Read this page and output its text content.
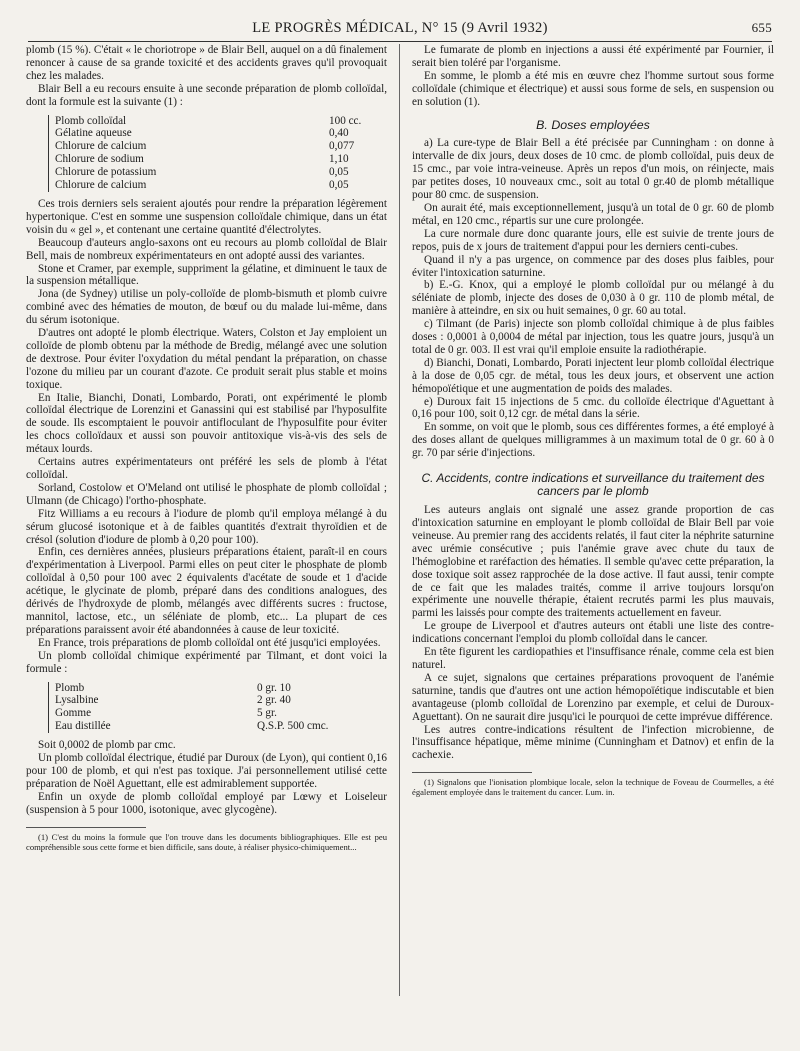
LE PROGRÈS MÉDICAL, N° 15 (9 Avril 1932)	655

plomb (15 %). C'était « le choriotrope » de Blair Bell, auquel on a dû finalement renoncer à cause de sa grande toxicité et des accidents graves qu'il provoquait chez les malades.

Blair Bell a eu recours ensuite à une seconde préparation de plomb colloïdal, dont la formule est la suivante (1) :

Plomb colloïdal	100 cc.
Gélatine aqueuse	0,40
Chlorure de calcium	0,077
Chlorure de sodium	1,10
Chlorure de potassium	0,05
Chlorure de calcium	0,05

Ces trois derniers sels seraient ajoutés pour rendre la préparation légèrement hypertonique. C'est en somme une suspension colloïdale chimique, dans un état voisin du « gel », et contenant une certaine quantité d'électrolytes.

Beaucoup d'auteurs anglo-saxons ont eu recours au plomb colloïdal de Blair Bell, mais de nombreux expérimentateurs en ont adopté aussi des variantes.

Stone et Cramer, par exemple, suppriment la gélatine, et diminuent le taux de la suspension métallique.

Jona (de Sydney) utilise un poly-colloïde de plomb-bismuth et plomb cuivre combiné avec des hématies de mouton, de bœuf ou du malade lui-même, dans du sérum isotonique.

D'autres ont adopté le plomb électrique. Waters, Colston et Jay emploient un colloïde de plomb obtenu par la méthode de Bredig, mélangé avec une solution de dextrose. Pour éviter l'oxydation du métal pendant la préparation, on chasse l'ozone du milieu par un courant d'azote. Ce produit serait plus stable et moins toxique.

En Italie, Bianchi, Donati, Lombardo, Porati, ont expérimenté le plomb colloïdal électrique de Lorenzini et Ganassini qui est stabilisé par l'hyposulfite de soude. Ils escomptaient le pouvoir antifloculant de l'hyposulfite pour éviter les chocs colloïdaux et aussi son pouvoir antitoxique vis-à-vis des sels de métaux lourds.

Certains autres expérimentateurs ont préféré les sels de plomb à l'état colloïdal.

Sorland, Costolow et O'Meland ont utilisé le phosphate de plomb colloïdal ; Ulmann (de Chicago) l'ortho-phosphate.

Fitz Williams a eu recours à l'iodure de plomb qu'il employa mélangé à du sérum glucosé isotonique et à de faibles quantités d'extrait thyroïdien et de crésol (solution d'iodure de plomb à 0,20 pour 100).

Enfin, ces dernières années, plusieurs préparations étaient, paraît-il en cours d'expérimentation à Liverpool. Parmi elles on peut citer le phosphate de plomb colloïdal à 0,50 pour 100 avec 2 équivalents d'acétate de soude et 1 d'acide acétique, le glycinate de plomb, préparé dans des conditions analogues, des dérivés de l'hydroxyde de plomb, mélangés avec différents sucres : fructose, mannitol, lactose, etc., un séléniate de plomb, etc... La plupart de ces préparations paraissent avoir été abandonnées à cause de leur toxicité.

En France, trois préparations de plomb colloïdal ont été jusqu'ici employées.

Un plomb colloïdal chimique expérimenté par Tilmant, et dont voici la formule :

Plomb	0 gr. 10
Lysalbine	2 gr. 40
Gomme	5 gr.
Eau distillée	Q.S.P. 500 cmc.

Soit 0,0002 de plomb par cmc.

Un plomb colloïdal électrique, étudié par Duroux (de Lyon), qui contient 0,16 pour 100 de plomb, et qui n'est pas toxique. J'ai personnellement utilisé cette préparation de Noël Aguettant, elle est admirablement supportée.

Enfin un oxyde de plomb colloïdal employé par Lœwy et Loiseleur (suspension à 5 pour 1000, isotonique, avec glycogène).

(1) C'est du moins la formule que l'on trouve dans les documents bibliographiques. Elle est peu compréhensible sous cette forme et bien difficile, sans doute, à réaliser physico-chimiquement...

Le fumarate de plomb en injections a aussi été expérimenté par Fournier, il serait bien toléré par l'organisme.

En somme, le plomb a été mis en œuvre chez l'homme surtout sous forme colloïdale (chimique et électrique) et aussi sous forme de sels, en suspension ou en solution (1).

B. Doses employées

a) La cure-type de Blair Bell a été précisée par Cunningham : on donne à intervalle de dix jours, deux doses de 10 cmc. de plomb colloïdal, puis deux de 15 cmc., par voie intra-veineuse. Après un repos d'un mois, on réinjecte, mais par petites doses, 10 nouveaux cmc., soit au total 0 gr.40 de plomb métallique pour 80 cmc. de suspension.

On aurait été, mais exceptionnellement, jusqu'à un total de 0 gr. 60 de plomb métal, en 120 cmc., répartis sur une cure prolongée.

La cure normale dure donc quarante jours, elle est suivie de trente jours de repos, puis de x jours de traitement d'appui pour les derniers centi-cubes.

Quand il n'y a pas urgence, on commence par des doses plus faibles, pour éviter l'intoxication saturnine.

b) E.-G. Knox, qui a employé le plomb colloïdal pur ou mélangé à du séléniate de plomb, injecte des doses de 0,030 à 0 gr. 110 de plomb métal, de manière à atteindre, en six ou huit semaines, 0 gr. 60 au total.

c) Tilmant (de Paris) injecte son plomb colloïdal chimique à de plus faibles doses : 0,0001 à 0,0004 de métal par injection, tous les quatre jours, jusqu'à un total de 0 gr. 003. Il est vrai qu'il emploie ensuite la radiothérapie.

d) Bianchi, Donati, Lombardo, Porati injectent leur plomb colloïdal électrique à la dose de 0,05 cgr. de métal, tous les deux jours, et observent une action hémopoïétique et une augmentation de poids des malades.

e) Duroux fait 15 injections de 5 cmc. du colloïde électrique d'Aguettant à 0,16 pour 100, soit 0,12 cgr. de métal dans la série.

En somme, on voit que le plomb, sous ces différentes formes, a été employé à des doses allant de quelques milligrammes à un maximum total de 0 gr. 60 à 0 gr. 70 par série d'injections.

C. Accidents, contre indications et surveillance du traitement des cancers par le plomb

Les auteurs anglais ont signalé une assez grande proportion de cas d'intoxication saturnine en employant le plomb colloïdal de Blair Bell par voie veineuse. Au premier rang des accidents relatés, il faut citer la néphrite saturnine avec urémie consécutive ; puis l'anémie grave avec chute du taux de l'hémoglobine et raréfaction des hématies. Il semble qu'avec cette préparation, la dose toxique soit assez rapprochée de la dose active. Il faut aussi, tenir compte de ce fait que les malades traités, comme il arrive toujours lorsqu'on expérimente une nouvelle thérapie, étaient recrutés parmi les plus mauvais, parmi les laissés pour compte des traitements actuellement en faveur.

Le groupe de Liverpool et d'autres auteurs ont établi une liste des contre-indications concernant l'emploi du plomb colloïdal dans le cancer.

En tête figurent les cardiopathies et l'insuffisance rénale, comme cela est bien naturel.

A ce sujet, signalons que certaines préparations provoquent de l'anémie saturnine, tandis que d'autres ont une action hémopoïétique indiscutable et bien avantageuse (plomb colloïdal de Lorenzino par exemple, et celui de Duroux-Aguettant). On ne saurait dire jusqu'ici le pourquoi de cette imprévue différence.

Les autres contre-indications résultent de l'infection microbienne, de l'insuffisance hépatique, même minime (Cunningham et Datnov) et enfin de la cachexie.

(1) Signalons que l'ionisation plombique locale, selon la technique de Foveau de Courmelles, a été également employée dans le traitement du cancer. Lum. in.
